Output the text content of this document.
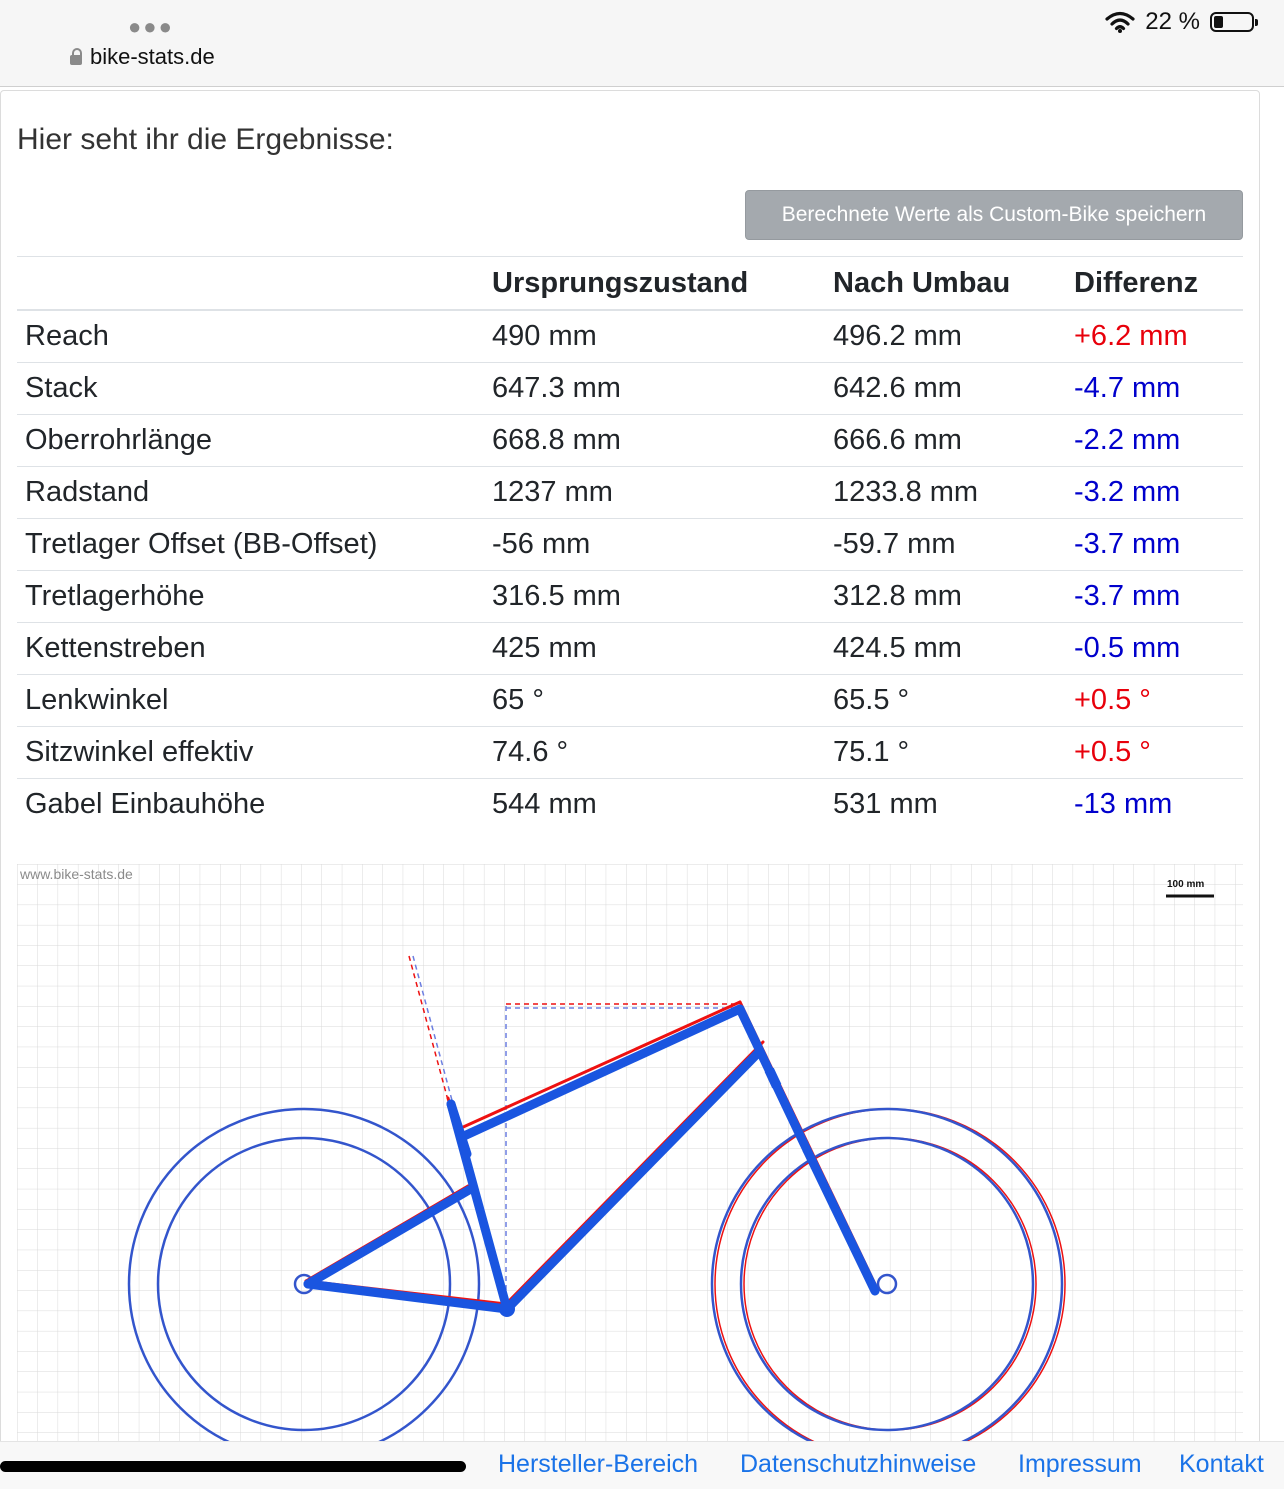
●●●
bike-stats.de
22 %
Hier seht ihr die Ergebnisse:
Berechnete Werte als Custom-Bike speichern
	Ursprungszustand	Nach Umbau	Differenz
Reach	490 mm	496.2 mm	+6.2 mm
Stack	647.3 mm	642.6 mm	-4.7 mm
Oberrohrlänge	668.8 mm	666.6 mm	-2.2 mm
Radstand	1237 mm	1233.8 mm	-3.2 mm
Tretlager Offset (BB-Offset)	-56 mm	-59.7 mm	-3.7 mm
Tretlagerhöhe	316.5 mm	312.8 mm	-3.7 mm
Kettenstreben	425 mm	424.5 mm	-0.5 mm
Lenkwinkel	65 °	65.5 °	+0.5 °
Sitzwinkel effektiv	74.6 °	75.1 °	+0.5 °
Gabel Einbauhöhe	544 mm	531 mm	-13 mm
www.bike-stats.de
100 mm
Hersteller-Bereich Datenschutzhinweise Impressum Kontakt
